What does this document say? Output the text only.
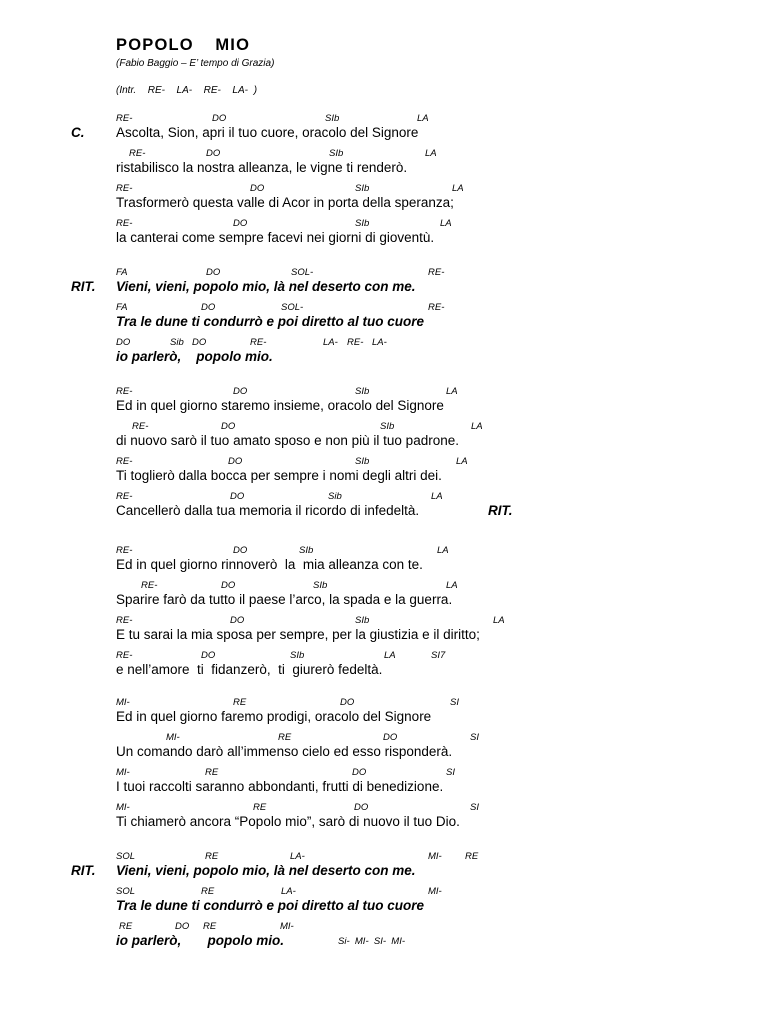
POPOLO  MIO
(Fabio Baggio – E’ tempo di Grazia)
(Intr.  RE-  LA-  RE-  LA- )
RE-	DO	SIb	LA
C. Ascolta, Sion, apri il tuo cuore, oracolo del Signore
RE-	DO	SIb	LA
ristabilisco la nostra alleanza, le vigne ti renderò.
RE-	DO	SIb	LA
Trasformerò questa valle di Acor in porta della speranza;
RE-	DO	SIb	LA
la canterai come sempre facevi nei giorni di gioventù.
FA	DO	SOL-	RE-
RIT. Vieni, vieni, popolo mio, là nel deserto con me.
FA	DO	SOL-	RE-
Tra le dune ti condurrò e poi diretto al tuo cuore
DO	Sib DO	RE-	LA- RE- LA-
io parlerò,    popolo mio.
RE-	DO	SIb	LA
Ed in quel giorno staremo insieme, oracolo del Signore
RE-	DO	SIb	LA
di nuovo sarò il tuo amato sposo e non più il tuo padrone.
RE-	DO	SIb	LA
Ti toglierò dalla bocca per sempre i nomi degli altri dei.
RE-	DO	Sib	LA
Cancellerò dalla tua memoria il ricordo di infedeltà.	RIT.
RE-	DO	SIb	LA
Ed in quel giorno rinnoverò  la  mia alleanza con te.
RE-	DO	SIb	LA
Sparire farò da tutto il paese l’arco, la spada e la guerra.
RE-	DO	SIb	LA
E tu sarai la mia sposa per sempre, per la giustizia e il diritto;
RE-	DO	SIb	LA	SI7
e nell’amore  ti  fidanzerò,  ti  giurerò fedeltà.
MI-	RE	DO	SI
Ed in quel giorno faremo prodigi, oracolo del Signore
MI-	RE	DO	SI
Un comando darò all’immenso cielo ed esso risponderà.
MI-	RE	DO	SI
I tuoi raccolti saranno abbondanti, frutti di benedizione.
MI-	RE	DO	SI
Ti chiamerò ancora “Popolo mio”, sarò di nuovo il tuo Dio.
SOL	RE	LA-	MI- RE
RIT. Vieni, vieni, popolo mio, là nel deserto con me.
SOL	RE	LA-	MI-
Tra le dune ti condurrò e poi diretto al tuo cuore
RE	DO RE	MI-
io parlerò,       popolo mio.	Si-  MI-  SI-  MI-
